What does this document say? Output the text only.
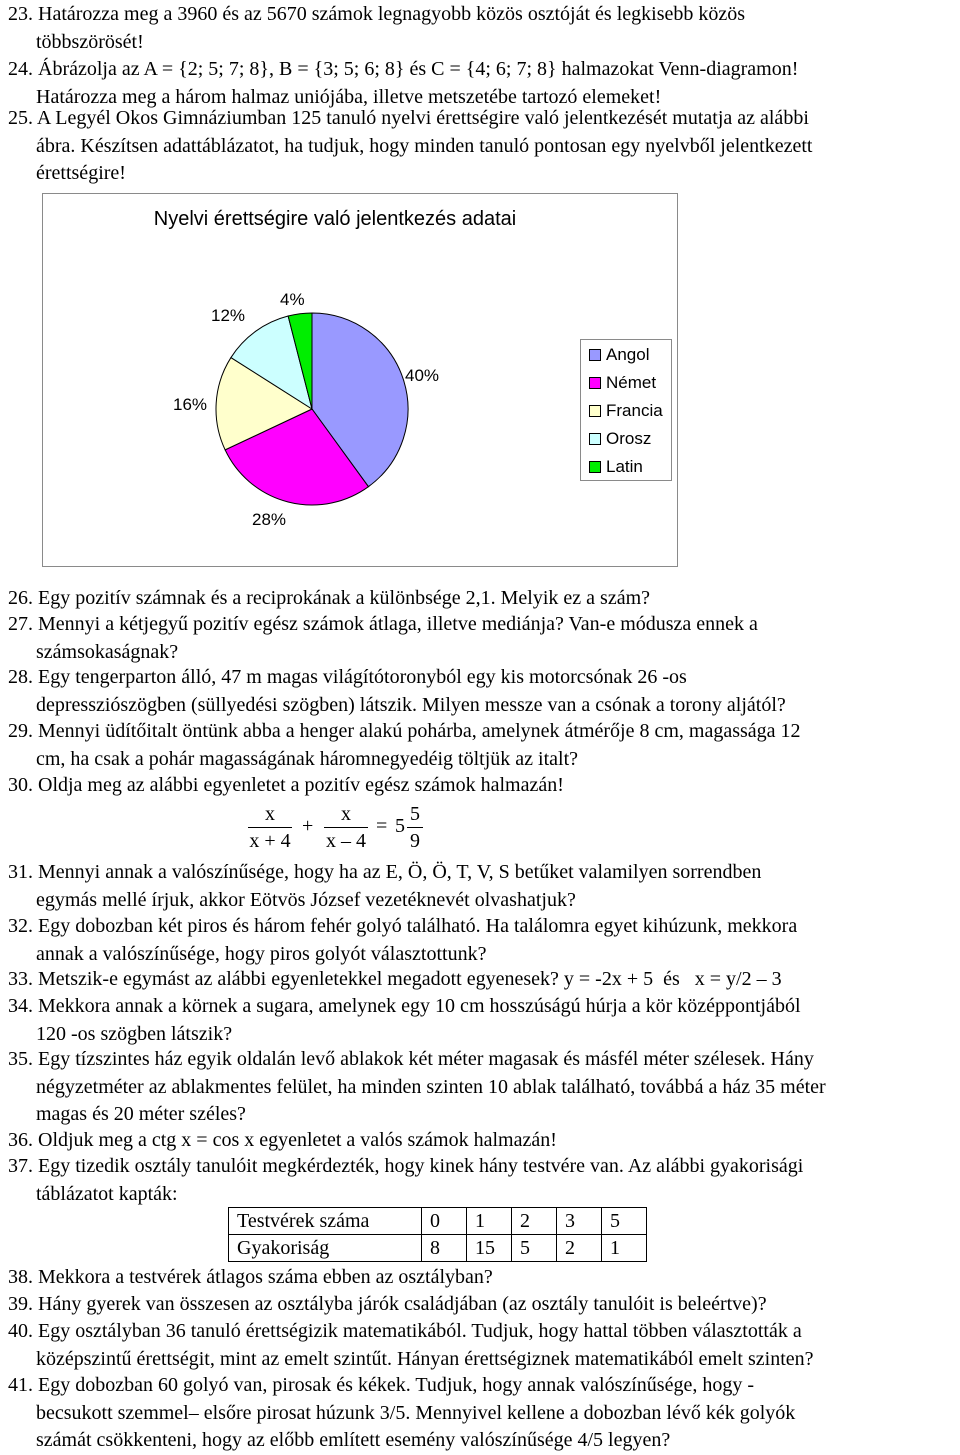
23. Határozza meg a 3960 és az 5670 számok legnagyobb közös osztóját és legkisebb közös
többszörösét!

24. Ábrázolja az A = {2; 5; 7; 8}, B = {3; 5; 6; 8} és C = {4; 6; 7; 8} halmazokat Venn-diagramon!
Határozza meg a három halmaz uniójába, illetve metszetébe tartozó elemeket!

25. A Legyél Okos Gimnáziumban 125 tanuló nyelvi érettségire való jelentkezését mutatja az alábbi
ábra. Készítsen adattáblázatot, ha tudjuk, hogy minden tanuló pontosan egy nyelvből jelentkezett
érettségire!

Nyelvi érettségire való jelentkezés adatai
12%
4%
40%
16%
28%
Angol
Német
Francia
Orosz
Latin

26. Egy pozitív számnak és a reciprokának a különbsége 2,1. Melyik ez a szám?

27. Mennyi a kétjegyű pozitív egész számok átlaga, illetve mediánja? Van-e módusza ennek a
számsokaságnak?

28. Egy tengerparton álló, 47 m magas világítótoronyból egy kis motorcsónak 26 -os
depressziószögben (süllyedési szögben) látszik. Milyen messze van a csónak a torony aljától?

29. Mennyi üdítőitalt öntünk abba a henger alakú pohárba, amelynek átmérője 8 cm, magassága 12
cm, ha csak a pohár magasságának háromnegyedéig töltjük az italt?

30. Oldja meg az alábbi egyenletet a pozitív egész számok halmazán!

x
x + 4
+
x
x – 4
= 5
5
9

31. Mennyi annak a valószínűsége, hogy ha az E, Ö, Ö, T, V, S betűket valamilyen sorrendben
egymás mellé írjuk, akkor Eötvös József vezetéknevét olvashatjuk?

32. Egy dobozban két piros és három fehér golyó található. Ha találomra egyet kihúzunk, mekkora
annak a valószínűsége, hogy piros golyót választottunk?

33. Metszik-e egymást az alábbi egyenletekkel megadott egyenesek? y = -2x + 5  és   x = y/2 – 3

34. Mekkora annak a körnek a sugara, amelynek egy 10 cm hosszúságú húrja a kör középpontjából
120 -os szögben látszik?

35. Egy tízszintes ház egyik oldalán levő ablakok két méter magasak és másfél méter szélesek. Hány
négyzetméter az ablakmentes felület, ha minden szinten 10 ablak található, továbbá a ház 35 méter
magas és 20 méter széles?

36. Oldjuk meg a ctg x = cos x egyenletet a valós számok halmazán!

37. Egy tizedik osztály tanulóit megkérdezték, hogy kinek hány testvére van. Az alábbi gyakorisági
táblázatot kapták:

Testvérek száma	0	1	2	3	5
Gyakoriság	8	15	5	2	1

38. Mekkora a testvérek átlagos száma ebben az osztályban?

39. Hány gyerek van összesen az osztályba járók családjában (az osztály tanulóit is beleértve)?

40. Egy osztályban 36 tanuló érettségizik matematikából. Tudjuk, hogy hattal többen választották a
középszintű érettségit, mint az emelt szintűt. Hányan érettségiznek matematikából emelt szinten?

41. Egy dobozban 60 golyó van, pirosak és kékek. Tudjuk, hogy annak valószínűsége, hogy -
becsukott szemmel– elsőre pirosat húzunk 3/5. Mennyivel kellene a dobozban lévő kék golyók
számát csökkenteni, hogy az előbb említett esemény valószínűsége 4/5 legyen?
